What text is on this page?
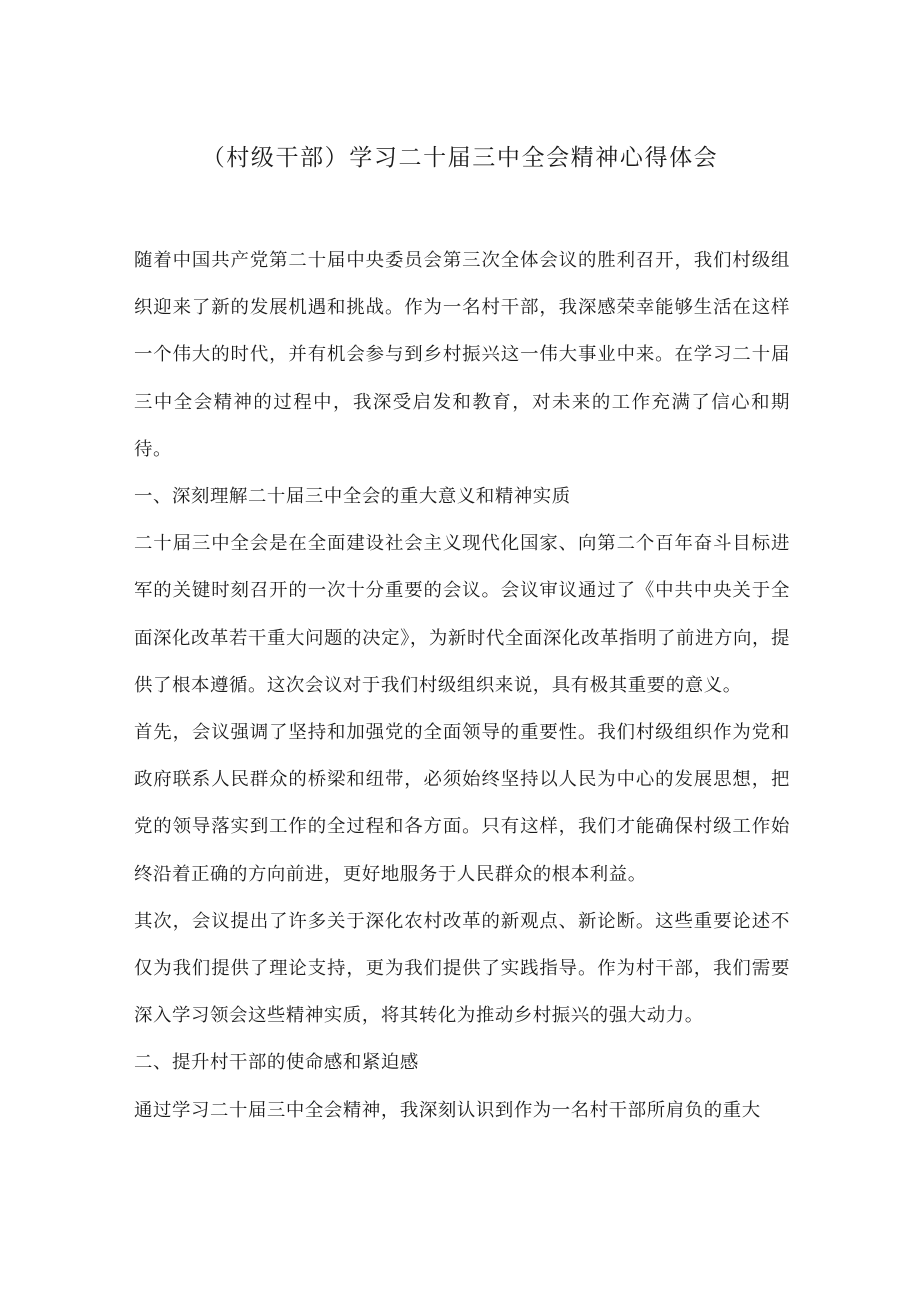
（村级干部）学习二十届三中全会精神心得体会

随着中国共产党第二十届中央委员会第三次全体会议的胜利召开，我们村级组织迎来了新的发展机遇和挑战。作为一名村干部，我深感荣幸能够生活在这样一个伟大的时代，并有机会参与到乡村振兴这一伟大事业中来。在学习二十届三中全会精神的过程中，我深受启发和教育，对未来的工作充满了信心和期待。

一、深刻理解二十届三中全会的重大意义和精神实质

二十届三中全会是在全面建设社会主义现代化国家、向第二个百年奋斗目标进军的关键时刻召开的一次十分重要的会议。会议审议通过了《中共中央关于全面深化改革若干重大问题的决定》，为新时代全面深化改革指明了前进方向，提供了根本遵循。这次会议对于我们村级组织来说，具有极其重要的意义。

首先，会议强调了坚持和加强党的全面领导的重要性。我们村级组织作为党和政府联系人民群众的桥梁和纽带，必须始终坚持以人民为中心的发展思想，把党的领导落实到工作的全过程和各方面。只有这样，我们才能确保村级工作始终沿着正确的方向前进，更好地服务于人民群众的根本利益。

其次，会议提出了许多关于深化农村改革的新观点、新论断。这些重要论述不仅为我们提供了理论支持，更为我们提供了实践指导。作为村干部，我们需要深入学习领会这些精神实质，将其转化为推动乡村振兴的强大动力。

二、提升村干部的使命感和紧迫感

通过学习二十届三中全会精神，我深刻认识到作为一名村干部所肩负的重大
